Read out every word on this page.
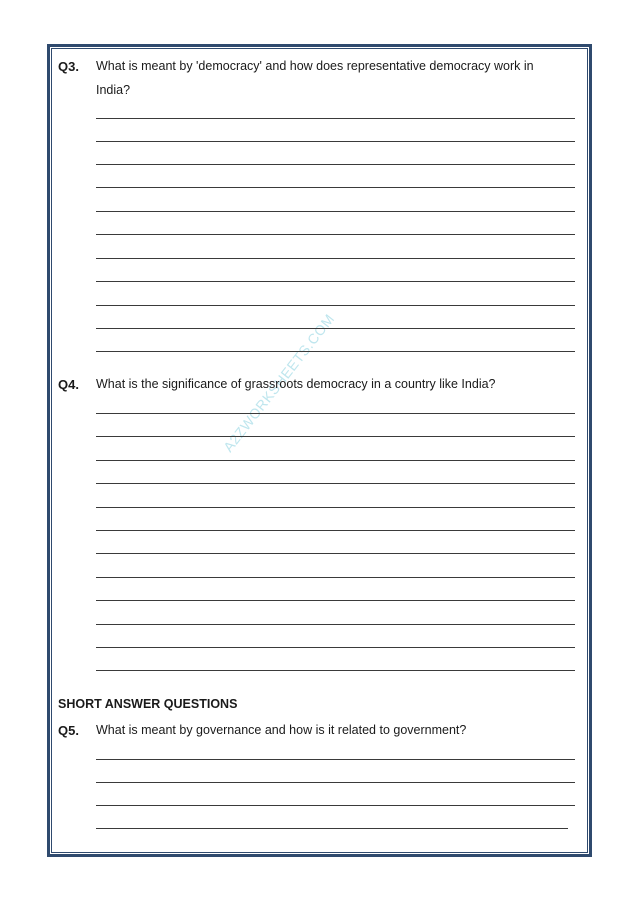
A2ZWORKSHEETS.COM
Q3. What is meant by 'democracy' and how does representative democracy work in India?
Q4. What is the significance of grassroots democracy in a country like India?
SHORT ANSWER QUESTIONS
Q5. What is meant by governance and how is it related to government?
